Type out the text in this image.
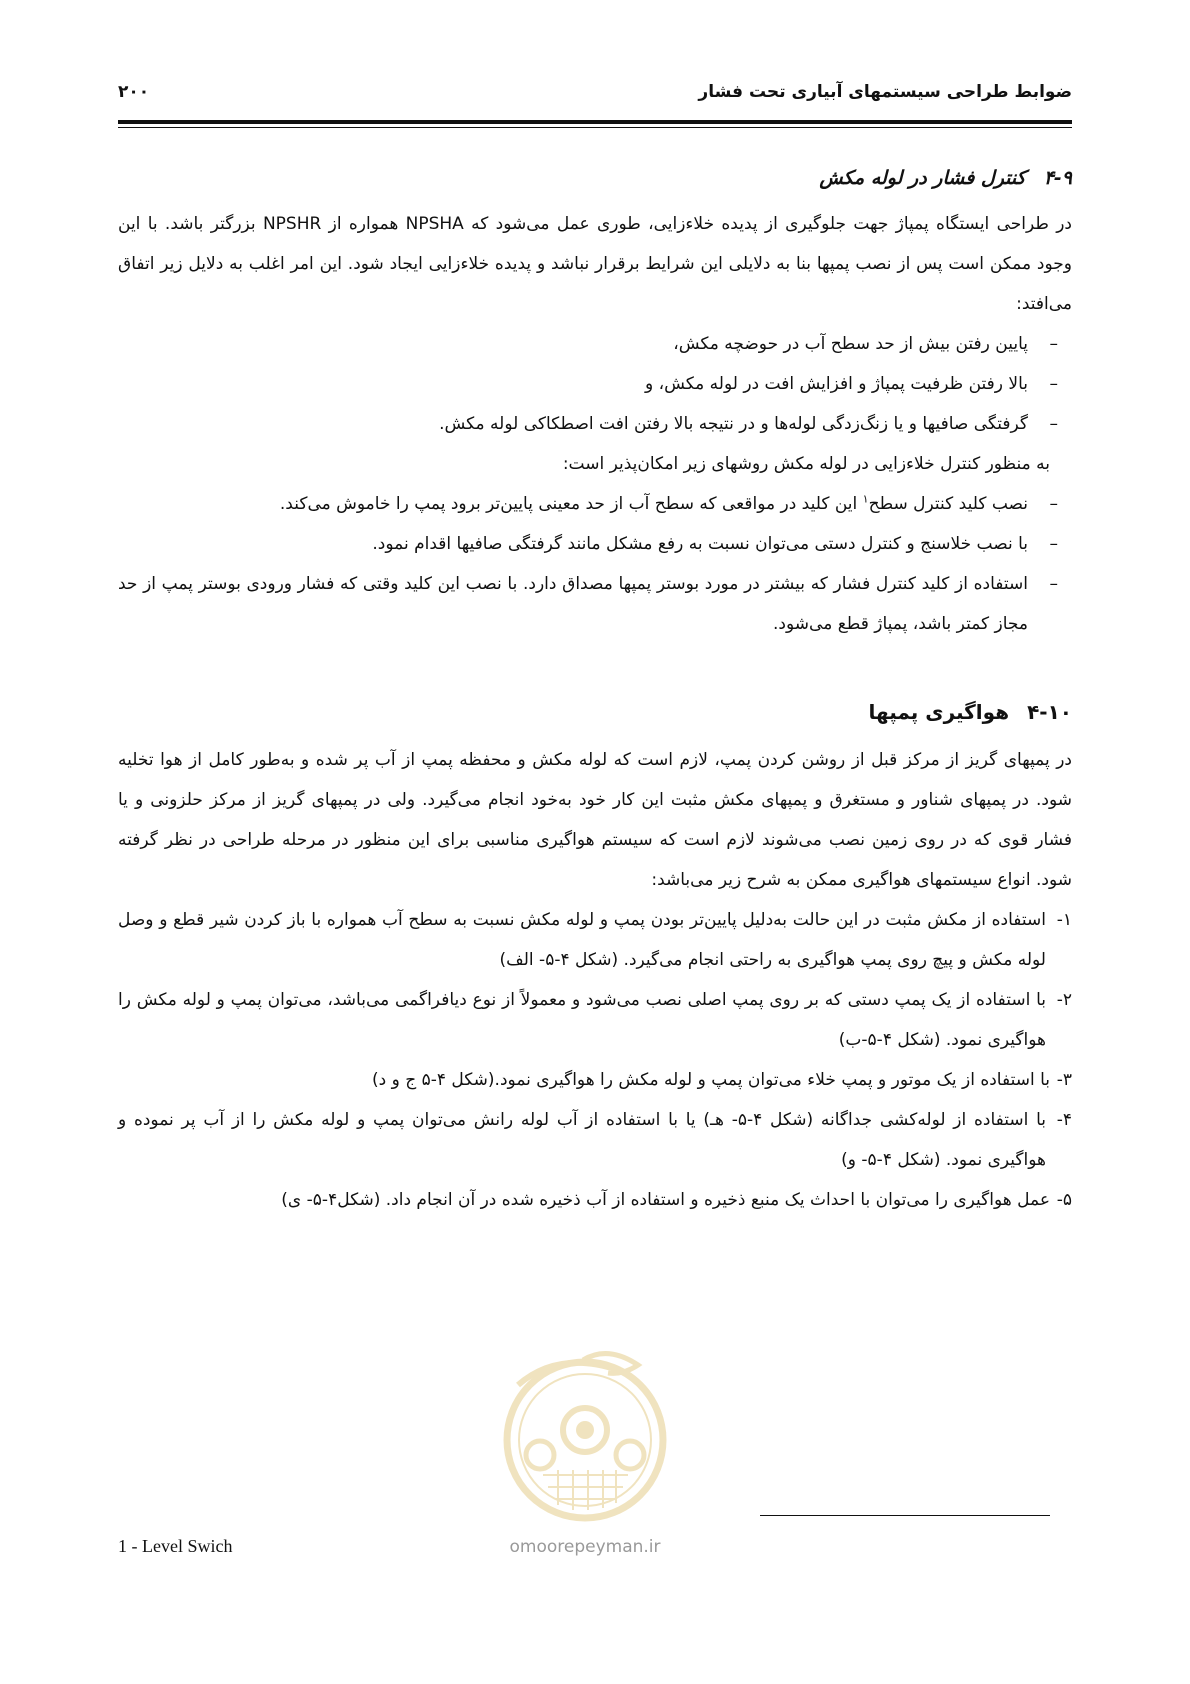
۲۰۰	ضوابط طراحی سیستمهای آبیاری تحت فشار
۴-۹کنترل فشار در لوله مکش

در طراحی ایستگاه پمپاژ جهت جلوگیری از پدیده خلاءزایی، طوری عمل می‌شود که NPSHA همواره از NPSHR بزرگتر باشد. با این وجود ممکن است پس از نصب پمپها بنا به دلایلی این شرایط برقرار نباشد و پدیده خلاءزایی ایجاد شود. این امر اغلب به دلایل زیر اتفاق می‌افتد:

–
پایین رفتن بیش از حد سطح آب در حوضچه مکش،
–
بالا رفتن ظرفیت پمپاژ و افزایش افت در لوله مکش، و
–
گرفتگی صافیها و یا زنگ‌زدگی لوله‌ها و در نتیجه بالا رفتن افت اصطکاکی لوله مکش.

به منظور کنترل خلاءزایی در لوله مکش روشهای زیر امکان‌پذیر است:

–
نصب کلید کنترل سطح$^۱$ این کلید در مواقعی که سطح آب از حد معینی پایین‌تر برود پمپ را خاموش می‌کند.
–
با نصب خلاسنج و کنترل دستی می‌توان نسبت به رفع مشکل مانند گرفتگی صافیها اقدام نمود.
–
استفاده از کلید کنترل فشار که بیشتر در مورد بوستر پمپها مصداق دارد. با نصب این کلید وقتی که فشار ورودی بوستر پمپ از حد مجاز کمتر باشد، پمپاژ قطع می‌شود.
۴-۱۰هواگیری پمپها

در پمپهای گریز از مرکز قبل از روشن کردن پمپ، لازم است که لوله مکش و محفظه پمپ از آب پر شده و به‌طور کامل از هوا تخلیه شود. در پمپهای شناور و مستغرق و پمپهای مکش مثبت این کار خود به‌خود انجام می‌گیرد. ولی در پمپهای گریز از مرکز حلزونی و یا فشار قوی که در روی زمین نصب می‌شوند لازم است که سیستم هواگیری مناسبی برای این منظور در مرحله طراحی در نظر گرفته شود. انواع سیستمهای هواگیری ممکن به شرح زیر می‌باشد:

۱-
استفاده از مکش مثبت در این حالت به‌دلیل پایین‌تر بودن پمپ و لوله مکش نسبت به سطح آب همواره با باز کردن شیر قطع و وصل لوله مکش و پیچ روی پمپ هواگیری به راحتی انجام می‌گیرد. (شکل ۴-۵- الف)
۲-
با استفاده از یک پمپ دستی که بر روی پمپ اصلی نصب می‌شود و معمولاً از نوع دیافراگمی می‌باشد، می‌توان پمپ و لوله مکش را هواگیری نمود. (شکل ۴-۵-ب)
۳-
با استفاده از یک موتور و پمپ خلاء می‌توان پمپ و لوله مکش را هواگیری نمود.(شکل ۴-۵ ج و د)
۴-
با استفاده از لوله‌کشی جداگانه (شکل ۴-۵- هـ) یا با استفاده از آب لوله رانش می‌توان پمپ و لوله مکش را از آب پر نموده و هواگیری نمود. (شکل ۴-۵- و)
۵-
عمل هواگیری را می‌توان با احداث یک منبع ذخیره و استفاده از آب ذخیره شده در آن انجام داد. (شکل۴-۵- ی)
1 - Level Swich	omoorepeyman.ir
